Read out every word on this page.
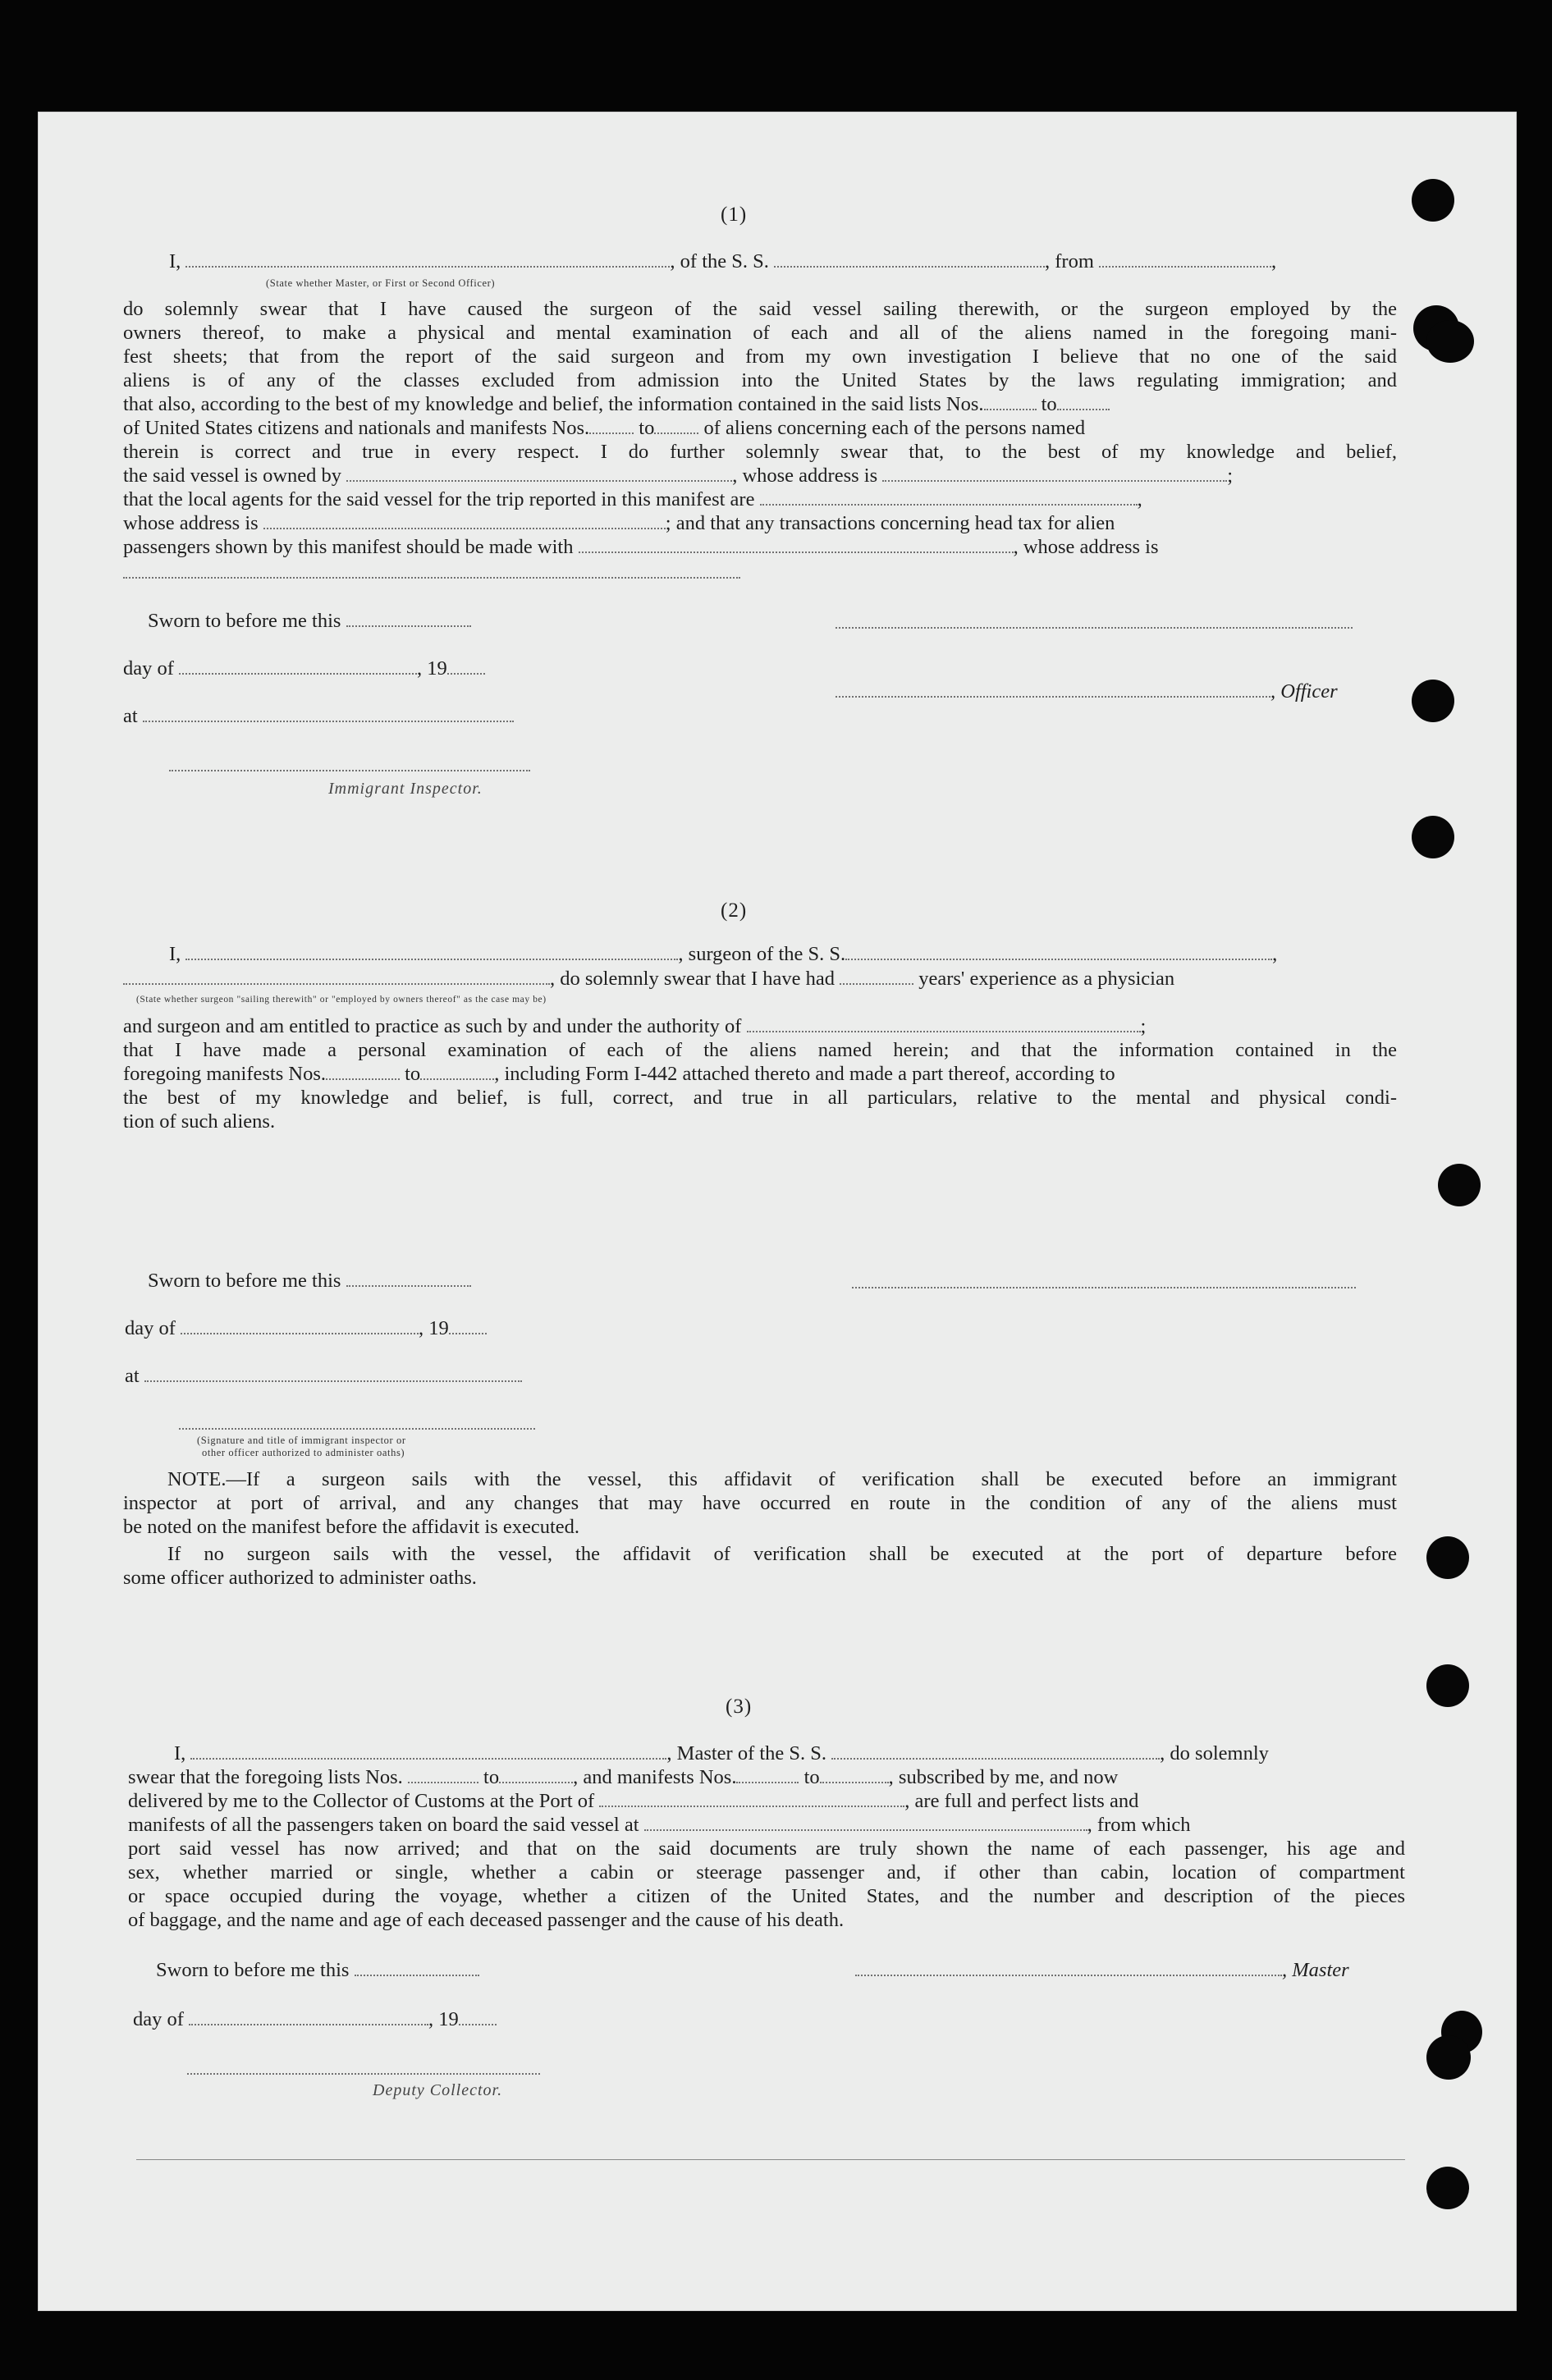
(1)
I,	, of the S. S.	, from	,
(State whether Master, or First or Second Officer)
do solemnly swear that I have caused the surgeon of the said vessel sailing therewith, or the surgeon employed by the
owners thereof, to make a physical and mental examination of each and all of the aliens named in the foregoing mani-
fest sheets; that from the report of the said surgeon and from my own investigation I believe that no one of the said
aliens is of any of the classes excluded from admission into the United States by the laws regulating immigration; and
that also, according to the best of my knowledge and belief, the information contained in the said lists Nos.	to
of United States citizens and nationals and manifests Nos. to of aliens concerning each of the persons named
therein is correct and true in every respect. I do further solemnly swear that, to the best of my knowledge and belief,
the said vessel is owned by	, whose address is	;
that the local agents for the said vessel for the trip reported in this manifest are	,
whose address is	; and that any transactions concerning head tax for alien
passengers shown by this manifest should be made with	, whose address is
Sworn to before me this
day of	, 19
, Officer
at
Immigrant Inspector.
(2)
I,	, surgeon of the S. S.	,
, do solemnly swear that I have had	years' experience as a physician
(State whether surgeon "sailing therewith" or "employed by owners thereof" as the case may be)
and surgeon and am entitled to practice as such by and under the authority of	;
that I have made a personal examination of each of the aliens named herein; and that the information contained in the
foregoing manifests Nos.	to	, including Form I-442 attached thereto and made a part thereof, according to
the best of my knowledge and belief, is full, correct, and true in all particulars, relative to the mental and physical condi-
tion of such aliens.
Sworn to before me this
day of	, 19
at
(Signature and title of immigrant inspector or
other officer authorized to administer oaths)
NOTE.—If a surgeon sails with the vessel, this affidavit of verification shall be executed before an immigrant
inspector at port of arrival, and any changes that may have occurred en route in the condition of any of the aliens must
be noted on the manifest before the affidavit is executed.
If no surgeon sails with the vessel, the affidavit of verification shall be executed at the port of departure before
some officer authorized to administer oaths.
(3)
I,	, Master of the S. S.	, do solemnly
swear that the foregoing lists Nos.	to	, and manifests Nos.	to	, subscribed by me, and now
delivered by me to the Collector of Customs at the Port of	, are full and perfect lists and
manifests of all the passengers taken on board the said vessel at	, from which
port said vessel has now arrived; and that on the said documents are truly shown the name of each passenger, his age and
sex, whether married or single, whether a cabin or steerage passenger and, if other than cabin, location of compartment
or space occupied during the voyage, whether a citizen of the United States, and the number and description of the pieces
of baggage, and the name and age of each deceased passenger and the cause of his death.
Sworn to before me this	, Master
day of	, 19
Deputy Collector.
